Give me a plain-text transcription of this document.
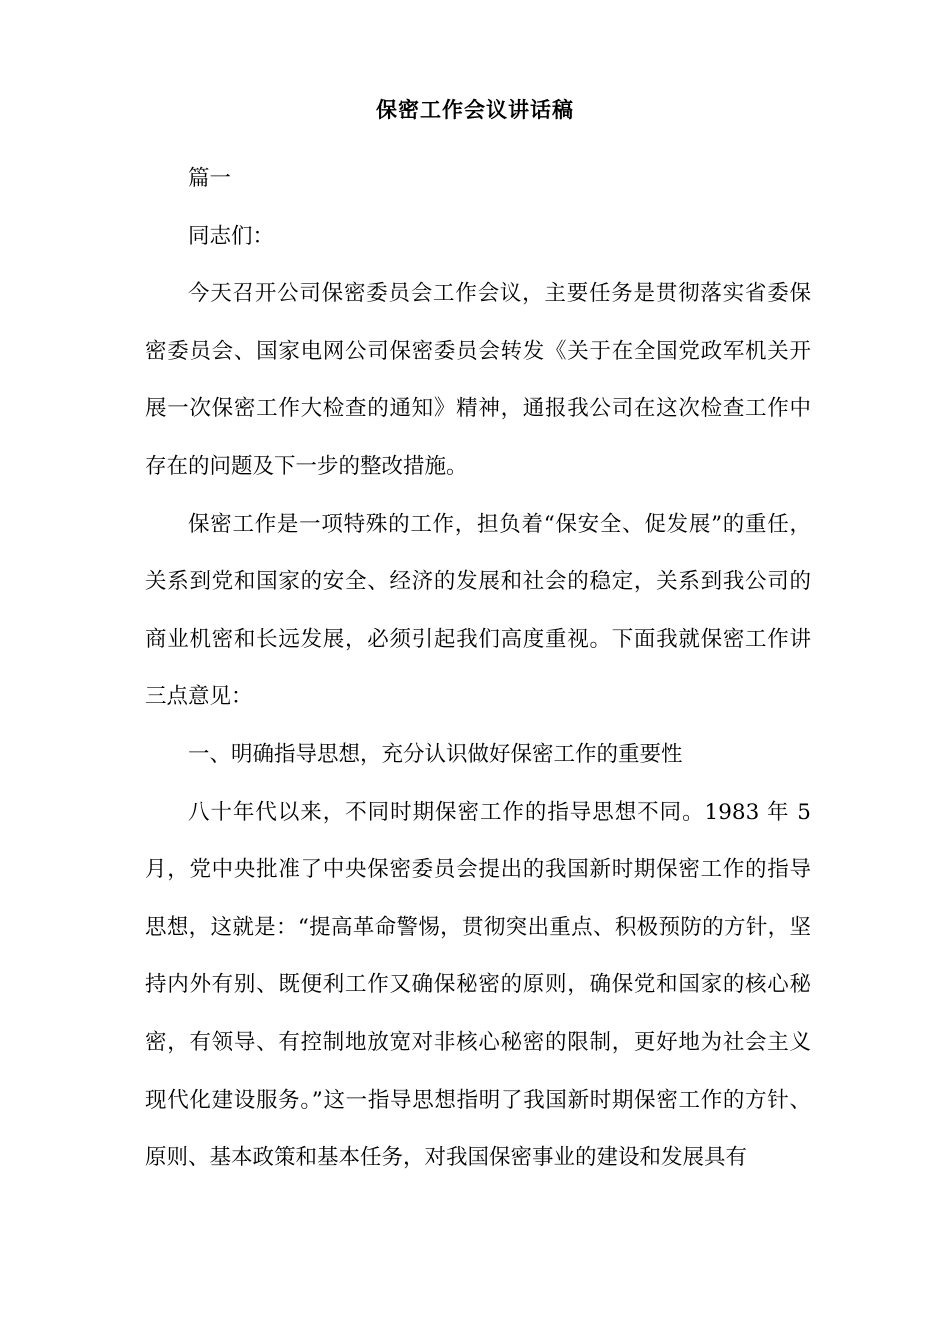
保密工作会议讲话稿

篇一

同志们：

今天召开公司保密委员会工作会议，主要任务是贯彻落实省委保密委员会、国家电网公司保密委员会转发《关于在全国党政军机关开展一次保密工作大检查的通知》精神，通报我公司在这次检查工作中存在的问题及下一步的整改措施。

保密工作是一项特殊的工作，担负着“保安全、促发展”的重任，关系到党和国家的安全、经济的发展和社会的稳定，关系到我公司的商业机密和长远发展，必须引起我们高度重视。下面我就保密工作讲三点意见：

一、明确指导思想，充分认识做好保密工作的重要性

八十年代以来，不同时期保密工作的指导思想不同。1983 年 5 月，党中央批准了中央保密委员会提出的我国新时期保密工作的指导思想，这就是：“提高革命警惕，贯彻突出重点、积极预防的方针，坚持内外有别、既便利工作又确保秘密的原则，确保党和国家的核心秘密，有领导、有控制地放宽对非核心秘密的限制，更好地为社会主义现代化建设服务。”这一指导思想指明了我国新时期保密工作的方针、原则、基本政策和基本任务，对我国保密事业的建设和发展具有
